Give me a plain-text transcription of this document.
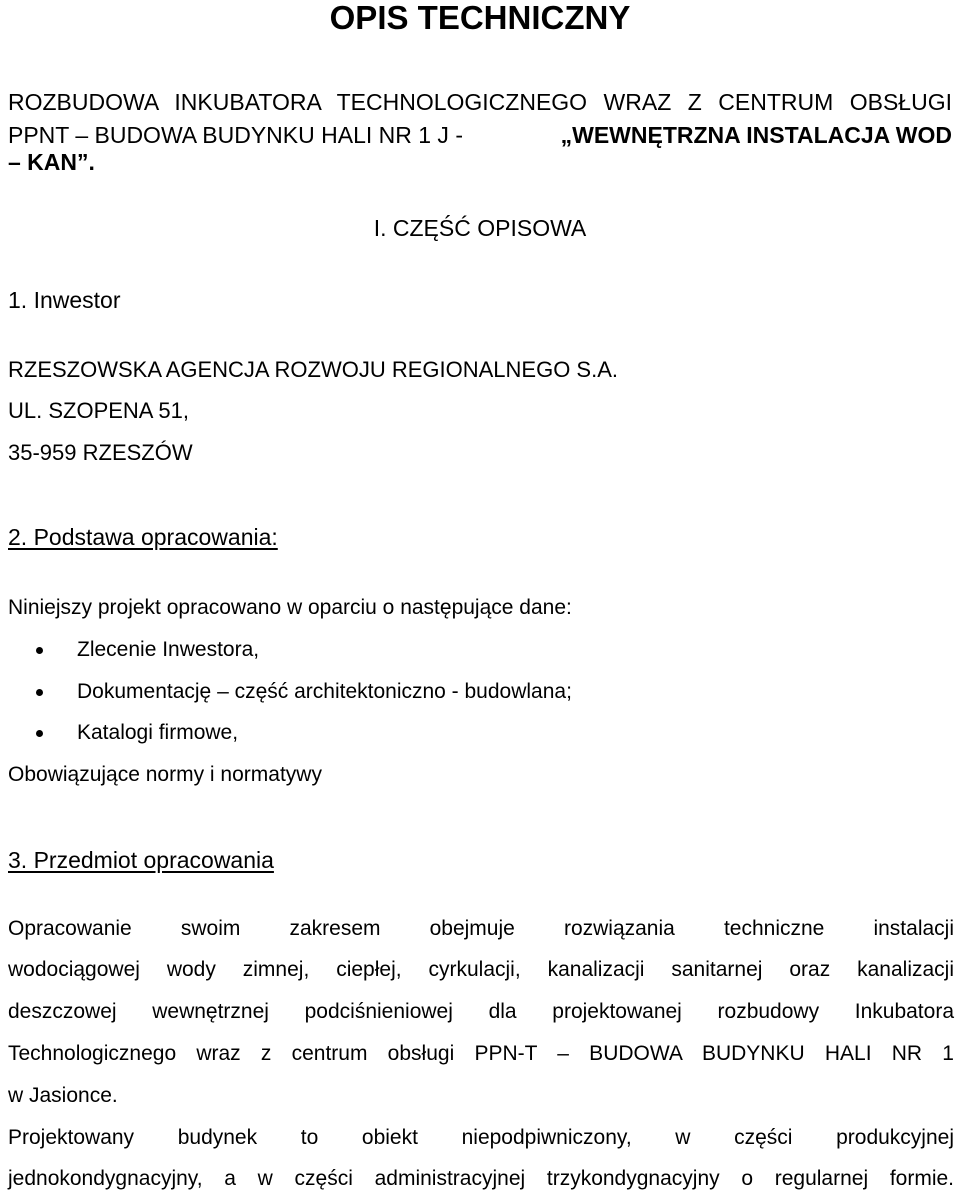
OPIS TECHNICZNY

ROZBUDOWA INKUBATORA TECHNOLOGICZNEGO WRAZ Z CENTRUM OBSŁUGI

PPNT – BUDOWA BUDYNKU HALI NR 1 J -	„WEWNĘTRZNA INSTALACJA WOD

– KAN”.

I. CZĘŚĆ OPISOWA

1. Inwestor

RZESZOWSKA AGENCJA ROZWOJU REGIONALNEGO S.A.

UL. SZOPENA 51,

35-959 RZESZÓW

2. Podstawa opracowania:

Niniejszy projekt opracowano w oparciu o następujące dane:

Zlecenie Inwestora,
Dokumentację – część architektoniczno - budowlana;
Katalogi firmowe,

Obowiązujące normy i normatywy

3. Przedmiot opracowania

Opracowanie swoim zakresem obejmuje rozwiązania techniczne instalacji

wodociągowej wody zimnej, ciepłej, cyrkulacji, kanalizacji sanitarnej oraz kanalizacji

deszczowej wewnętrznej podciśnieniowej dla projektowanej rozbudowy Inkubatora

Technologicznego wraz z centrum obsługi PPN-T – BUDOWA BUDYNKU HALI NR 1

w Jasionce.

Projektowany budynek to obiekt niepodpiwniczony, w części produkcyjnej

jednokondygnacyjny, a w części administracyjnej trzykondygnacyjny o regularnej formie.
